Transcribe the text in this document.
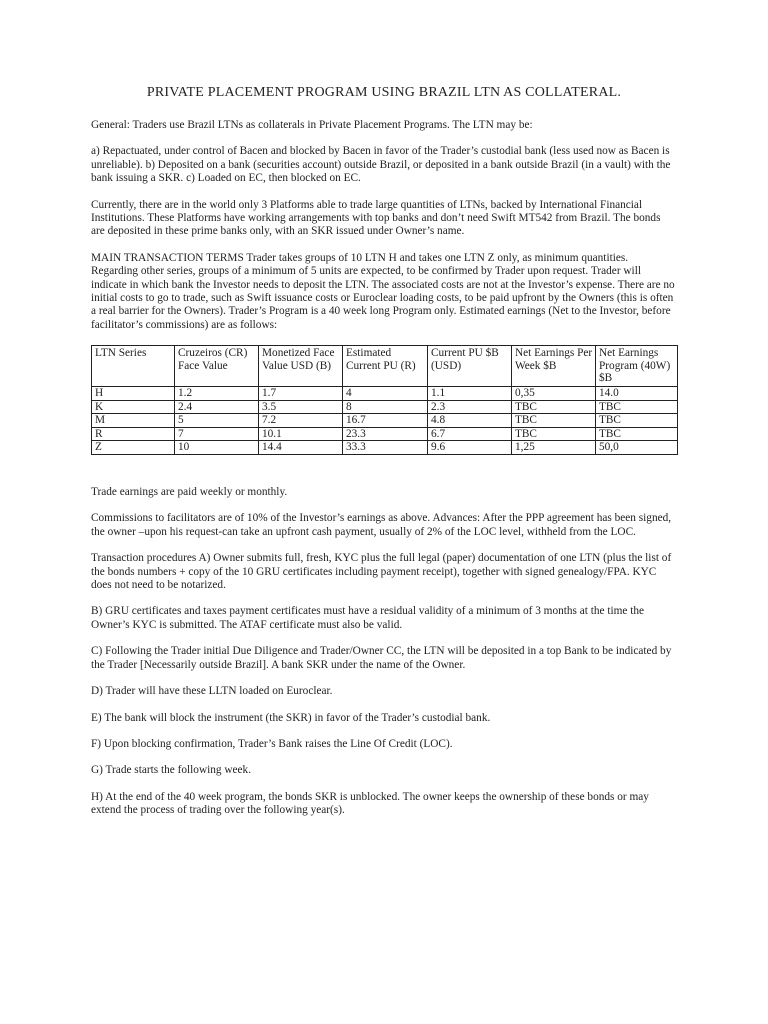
PRIVATE PLACEMENT PROGRAM USING BRAZIL LTN AS COLLATERAL.

General: Traders use Brazil LTNs as collaterals in Private Placement Programs. The LTN may be:

a) Repactuated, under control of Bacen and blocked by Bacen in favor of the Trader’s custodial bank (less used now as Bacen is unreliable). b) Deposited on a bank (securities account) outside Brazil, or deposited in a bank outside Brazil (in a vault) with the bank issuing a SKR. c) Loaded on EC, then blocked on EC.

Currently, there are in the world only 3 Platforms able to trade large quantities of LTNs, backed by International Financial Institutions. These Platforms have working arrangements with top banks and don’t need Swift MT542 from Brazil. The bonds are deposited in these prime banks only, with an SKR issued under Owner’s name.

MAIN TRANSACTION TERMS Trader takes groups of 10 LTN H and takes one LTN Z only, as minimum quantities. Regarding other series, groups of a minimum of 5 units are expected, to be confirmed by Trader upon request. Trader will indicate in which bank the Investor needs to deposit the LTN. The associated costs are not at the Investor’s expense. There are no initial costs to go to trade, such as Swift issuance costs or Euroclear loading costs, to be paid upfront by the Owners (this is often a real barrier for the Owners). Trader’s Program is a 40 week long Program only. Estimated earnings (Net to the Investor, before facilitator’s commissions) are as follows:

LTN Series	Cruzeiros (CR) Face Value	Monetized Face Value USD (B)	Estimated Current PU (R)	Current PU $B (USD)	Net Earnings Per Week $B	Net Earnings Program (40W) $B
H	1.2	1.7	4	1.1	0,35	14.0
K	2.4	3.5	8	2.3	TBC	TBC
M	5	7.2	16.7	4.8	TBC	TBC
R	7	10.1	23.3	6.7	TBC	TBC
Z	10	14.4	33.3	9.6	1,25	50,0

Trade earnings are paid weekly or monthly.

Commissions to facilitators are of 10% of the Investor’s earnings as above. Advances: After the PPP agreement has been signed, the owner –upon his request-can take an upfront cash payment, usually of 2% of the LOC level, withheld from the LOC.

Transaction procedures A) Owner submits full, fresh, KYC plus the full legal (paper) documentation of one LTN (plus the list of the bonds numbers + copy of the 10 GRU certificates including payment receipt), together with signed genealogy/FPA. KYC does not need to be notarized.

B) GRU certificates and taxes payment certificates must have a residual validity of a minimum of 3 months at the time the Owner’s KYC is submitted. The ATAF certificate must also be valid.

C) Following the Trader initial Due Diligence and Trader/Owner CC, the LTN will be deposited in a top Bank to be indicated by the Trader [Necessarily outside Brazil]. A bank SKR under the name of the Owner.

D) Trader will have these LLTN loaded on Euroclear.

E) The bank will block the instrument (the SKR) in favor of the Trader’s custodial bank.

F) Upon blocking confirmation, Trader’s Bank raises the Line Of Credit (LOC).

G) Trade starts the following week.

H) At the end of the 40 week program, the bonds SKR is unblocked. The owner keeps the ownership of these bonds or may extend the process of trading over the following year(s).
